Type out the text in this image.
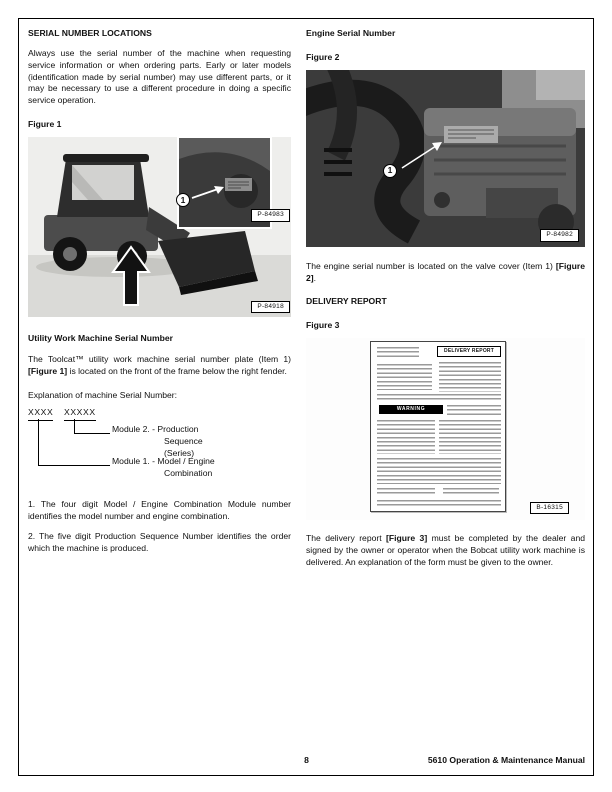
SERIAL NUMBER LOCATIONS

Always use the serial number of the machine when requesting service information or when ordering parts. Early or later models (identification made by serial number) may use different parts, or it may be necessary to use a different procedure in doing a specific service operation.

Figure 1
1
P-84983
P-84918
Utility Work Machine Serial Number

The Toolcat™ utility work machine serial number plate (Item 1) [Figure 1] is located on the front of the frame below the right fender.

Explanation of machine Serial Number:
XXXX XXXXX
Module 2. - Production Sequence (Series)
Module 1. - Model / Engine Combination

1. The four digit Model / Engine Combination Module number identifies the model number and engine combination.

2. The five digit Production Sequence Number identifies the order which the machine is produced.

Engine Serial Number
Figure 2
1
P-84982

The engine serial number is located on the valve cover (Item 1) [Figure 2].

DELIVERY REPORT
Figure 3
DELIVERY REPORT
WARNING
B-16315

The delivery report [Figure 3] must be completed by the dealer and signed by the owner or operator when the Bobcat utility work machine is delivered. An explanation of the form must be given to the owner.

8	5610 Operation & Maintenance Manual
